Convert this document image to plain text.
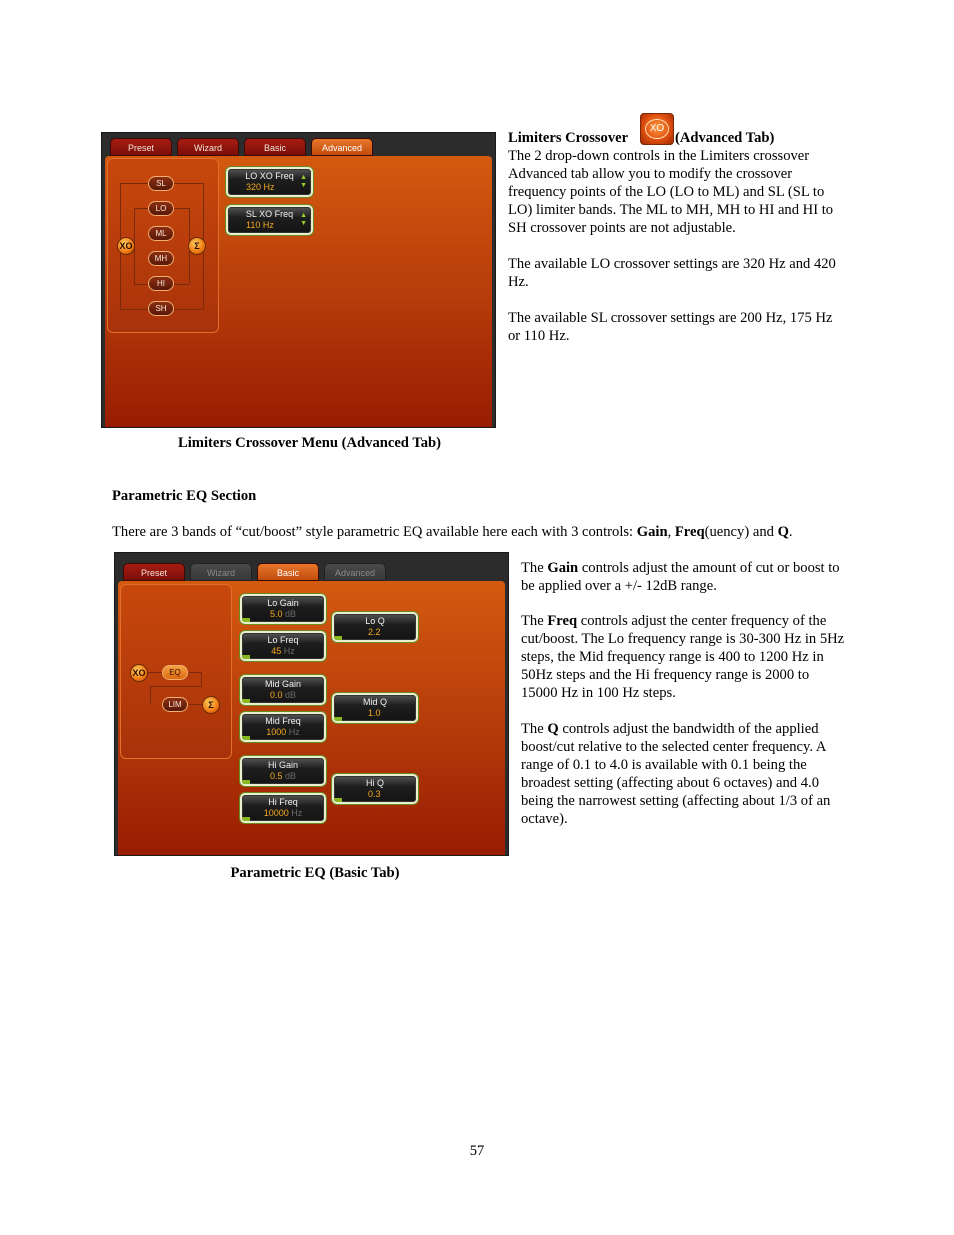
Preset	Wizard	Basic	Advanced
SL
LO
ML
MH
HI
SH
XO	Σ
LO XO Freq
320 Hz
▲
▼
SL XO Freq
110 Hz
▲
▼
Limiters Crossover Menu (Advanced Tab)
Limiters Crossover
XO
(Advanced Tab)
The 2 drop-down controls in the Limiters crossover Advanced tab allow you to modify the crossover frequency points of the LO (LO to ML) and SL (SL to LO) limiter bands. The ML to MH, MH to HI and HI to SH crossover points are not adjustable.
The available LO crossover settings are 320 Hz and 420 Hz.
The available SL crossover settings are 200 Hz, 175 Hz or 110 Hz.
Parametric EQ Section
There are 3 bands of “cut/boost” style parametric EQ available here each with 3 controls: Gain, Freq(uency) and Q.
Preset	Wizard	Basic	Advanced
XO	EQ
LIM	Σ
Lo Gain
5.0 dB
Lo Freq
45 Hz
Mid Gain
0.0 dB
Mid Freq
1000 Hz
Hi Gain
0.5 dB
Hi Freq
10000 Hz
Lo Q
2.2
Mid Q
1.0
Hi Q
0.3
Parametric EQ (Basic Tab)
The Gain controls adjust the amount of cut or boost to be applied over a +/- 12dB range.
The Freq controls adjust the center frequency of the cut/boost. The Lo frequency range is 30-300 Hz in 5Hz steps, the Mid frequency range is 400 to 1200 Hz in 50Hz steps and the Hi frequency range is 2000 to 15000 Hz in 100 Hz steps.
The Q controls adjust the bandwidth of the applied boost/cut relative to the selected center frequency. A range of 0.1 to 4.0 is available with 0.1 being the broadest setting (affecting about 6 octaves) and 4.0 being the narrowest setting (affecting about 1/3 of an octave).
57
